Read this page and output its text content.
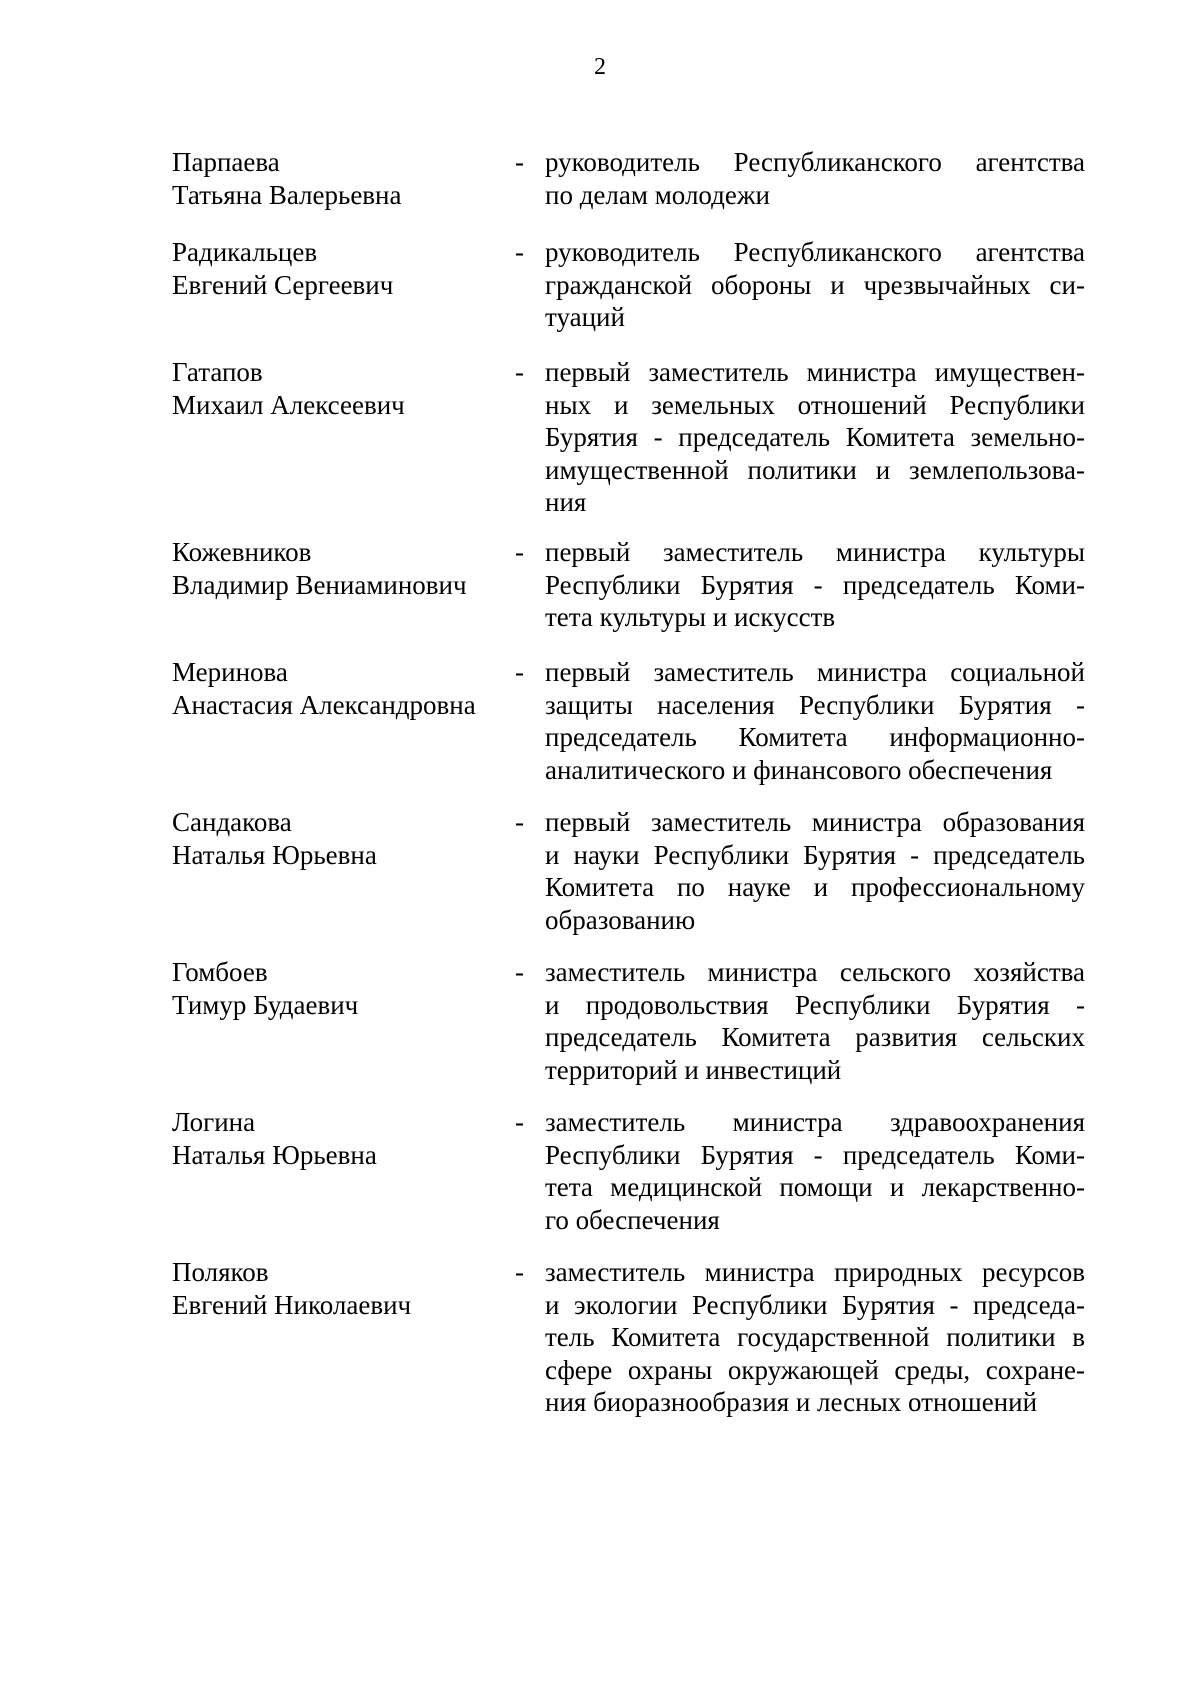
2
Парпаева
Татьяна Валерьевна
- руководитель Республиканского агентства
по делам молодежи
Радикальцев
Евгений Сергеевич
- руководитель Республиканского агентства
гражданской обороны и чрезвычайных си-
туаций
Гатапов
Михаил Алексеевич
- первый заместитель министра имуществен-
ных и земельных отношений Республики
Бурятия - председатель Комитета земельно-
имущественной политики и землепользова-
ния
Кожевников
Владимир Вениаминович
- первый заместитель министра культуры
Республики Бурятия - председатель Коми-
тета культуры и искусств
Меринова
Анастасия Александровна
- первый заместитель министра социальной
защиты населения Республики Бурятия -
председатель Комитета информационно-
аналитического и финансового обеспечения
Сандакова
Наталья Юрьевна
- первый заместитель министра образования
и науки Республики Бурятия - председатель
Комитета по науке и профессиональному
образованию
Гомбоев
Тимур Будаевич
- заместитель министра сельского хозяйства
и продовольствия Республики Бурятия -
председатель Комитета развития сельских
территорий и инвестиций
Логина
Наталья Юрьевна
- заместитель министра здравоохранения
Республики Бурятия - председатель Коми-
тета медицинской помощи и лекарственно-
го обеспечения
Поляков
Евгений Николаевич
- заместитель министра природных ресурсов
и экологии Республики Бурятия - председа-
тель Комитета государственной политики в
сфере охраны окружающей среды, сохране-
ния биоразнообразия и лесных отношений
